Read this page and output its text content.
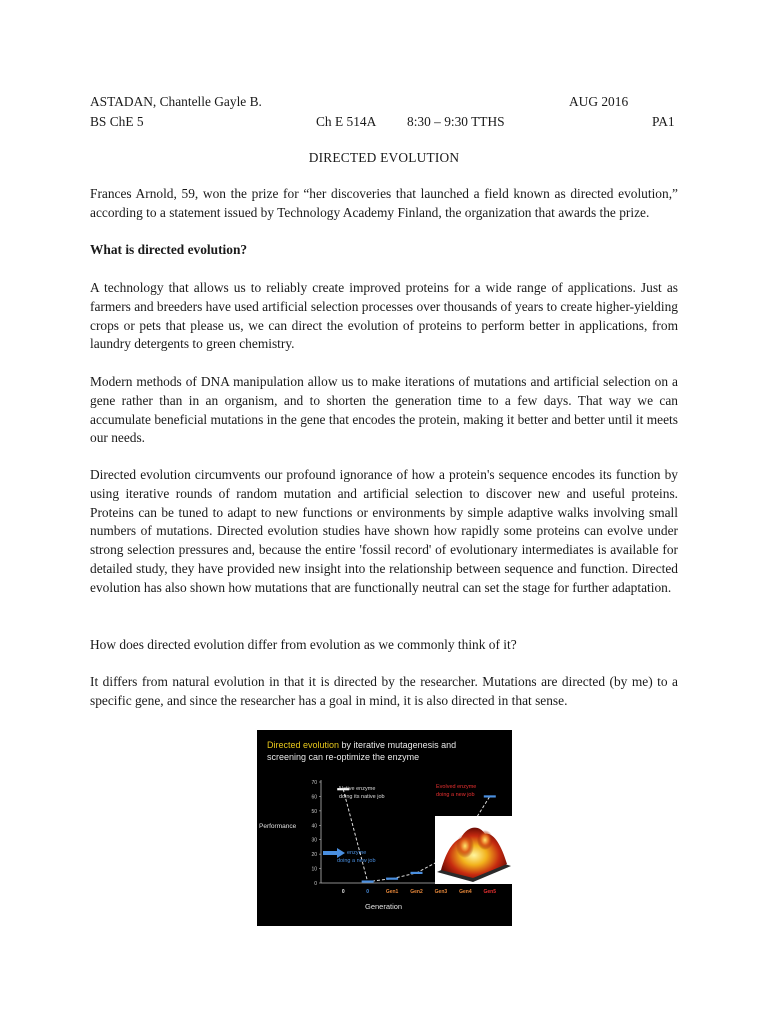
ASTADAN, Chantelle Gayle B.	AUG 2016
BS ChE 5	Ch E 514A 8:30 – 9:30 TTHS	PA1
DIRECTED EVOLUTION

Frances Arnold, 59, won the prize for “her discoveries that launched a field known as directed evolution,” according to a statement issued by Technology Academy Finland, the organization that awards the prize.

What is directed evolution?

A technology that allows us to reliably create improved proteins for a wide range of applications. Just as farmers and breeders have used artificial selection processes over thousands of years to create higher-yielding crops or pets that please us, we can direct the evolution of proteins to perform better in applications, from laundry detergents to green chemistry.

Modern methods of DNA manipulation allow us to make iterations of mutations and artificial selection on a gene rather than in an organism, and to shorten the generation time to a few days. That way we can accumulate beneficial mutations in the gene that encodes the protein, making it better and better until it meets our needs.

Directed evolution circumvents our profound ignorance of how a protein's sequence encodes its function by using iterative rounds of random mutation and artificial selection to discover new and useful proteins. Proteins can be tuned to adapt to new functions or environments by simple adaptive walks involving small numbers of mutations. Directed evolution studies have shown how rapidly some proteins can evolve under strong selection pressures and, because the entire 'fossil record' of evolutionary intermediates is available for detailed study, they have provided new insight into the relationship between sequence and function. Directed evolution has also shown how mutations that are functionally neutral can set the stage for further adaptation.

How does directed evolution differ from evolution as we commonly think of it?

It differs from natural evolution in that it is directed by the researcher. Mutations are directed (by me) to a specific gene, and since the researcher has a goal in mind, it is also directed in that sense.

Directed evolution by iterative mutagenesis and
screening can re-optimize the enzyme
0
10
20
30
40
50
60
70
0	0	Gen1 Gen2 Gen3 Gen4 Gen5
Performance
Generation
Native enzyme
doing its native job
Evolved enzyme
doing a new job
enzyme
doing a new job
